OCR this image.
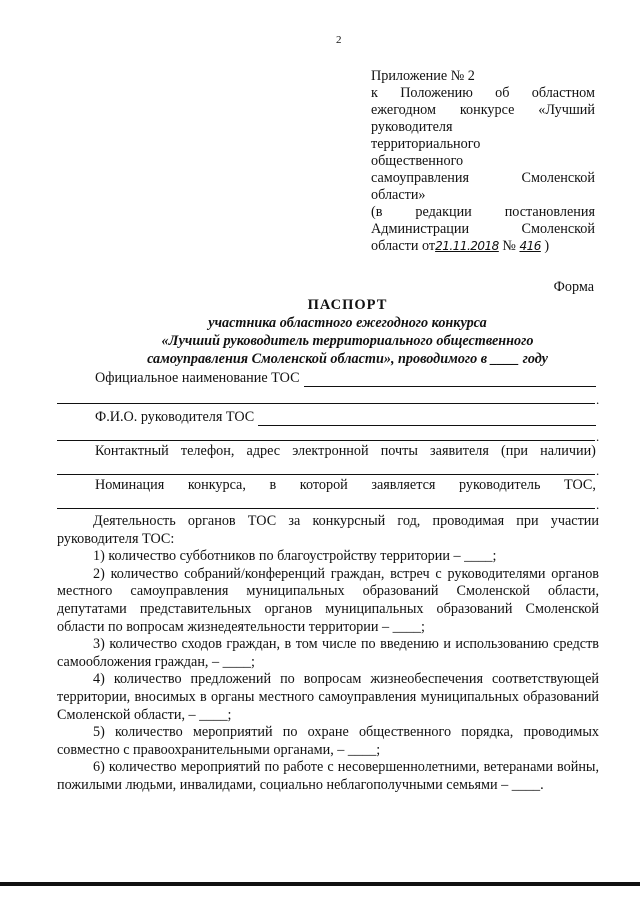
2
Приложение № 2
к Положению об областном
ежегодном конкурсе «Лучший
руководителя
территориального
общественного
самоуправления	Смоленской
области»
(в редакции постановления
Администрации	Смоленской
области от21.11.2018 № 416 )
Форма
ПАСПОРТ
участника областного ежегодного конкурса
«Лучший руководитель территориального общественного
самоуправления Смоленской области», проводимого в ____ году
Официальное наименование ТОС
.
Ф.И.О. руководителя ТОС
.
Контактный телефон, адрес электронной почты заявителя (при наличии)
.
Номинация конкурса, в которой заявляется руководитель ТОС,
.

Деятельность органов ТОС за конкурсный год, проводимая при участии руководителя ТОС:

1) количество субботников по благоустройству территории – ____;

2) количество собраний/конференций граждан, встреч с руководителями органов местного самоуправления муниципальных образований Смоленской области, депутатами представительных органов муниципальных образований Смоленской области по вопросам жизнедеятельности территории – ____;

3) количество сходов граждан, в том числе по введению и использованию средств самообложения граждан, – ____;

4) количество предложений по вопросам жизнеобеспечения соответствующей территории, вносимых в органы местного самоуправления муниципальных образований Смоленской области, – ____;

5) количество мероприятий по охране общественного порядка, проводимых совместно с правоохранительными органами, – ____;

6) количество мероприятий по работе с несовершеннолетними, ветеранами войны, пожилыми людьми, инвалидами, социально неблагополучными семьями – ____.
